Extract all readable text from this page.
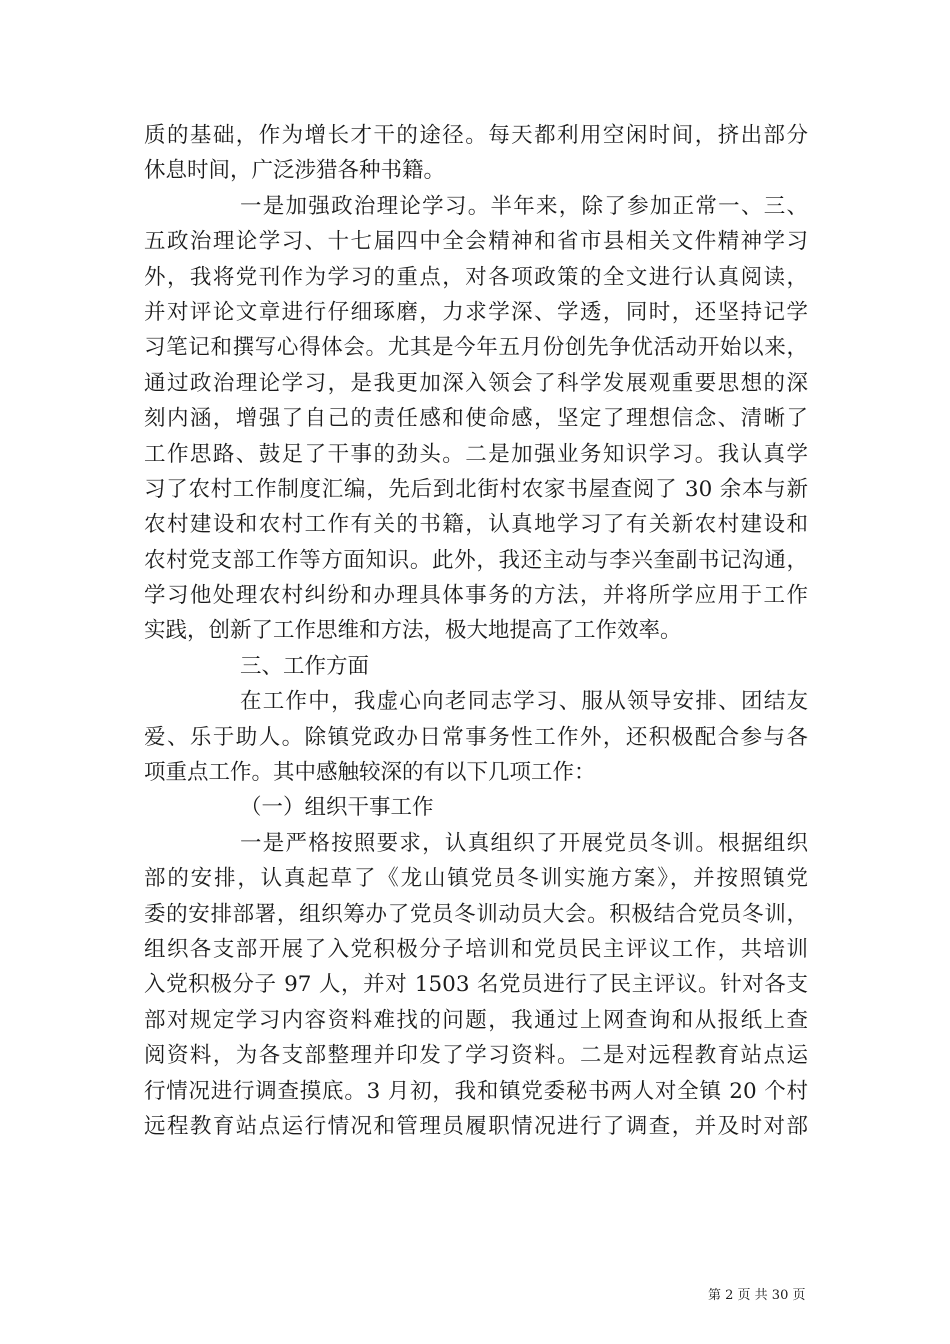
质的基础，作为增长才干的途径。每天都利用空闲时间，挤出部分
休息时间，广泛涉猎各种书籍。
一是加强政治理论学习。半年来，除了参加正常一、三、
五政治理论学习、十七届四中全会精神和省市县相关文件精神学习
外，我将党刊作为学习的重点，对各项政策的全文进行认真阅读，
并对评论文章进行仔细琢磨，力求学深、学透，同时，还坚持记学
习笔记和撰写心得体会。尤其是今年五月份创先争优活动开始以来，
通过政治理论学习，是我更加深入领会了科学发展观重要思想的深
刻内涵，增强了自己的责任感和使命感，坚定了理想信念、清晰了
工作思路、鼓足了干事的劲头。二是加强业务知识学习。我认真学
习了农村工作制度汇编，先后到北街村农家书屋查阅了 30 余本与新
农村建设和农村工作有关的书籍，认真地学习了有关新农村建设和
农村党支部工作等方面知识。此外，我还主动与李兴奎副书记沟通，
学习他处理农村纠纷和办理具体事务的方法，并将所学应用于工作
实践，创新了工作思维和方法，极大地提高了工作效率。
三、工作方面
在工作中，我虚心向老同志学习、服从领导安排、团结友
爱、乐于助人。除镇党政办日常事务性工作外，还积极配合参与各
项重点工作。其中感触较深的有以下几项工作：
（一）组织干事工作
一是严格按照要求，认真组织了开展党员冬训。根据组织
部的安排，认真起草了《龙山镇党员冬训实施方案》，并按照镇党
委的安排部署，组织筹办了党员冬训动员大会。积极结合党员冬训，
组织各支部开展了入党积极分子培训和党员民主评议工作，共培训
入党积极分子 97 人，并对 1503 名党员进行了民主评议。针对各支
部对规定学习内容资料难找的问题，我通过上网查询和从报纸上查
阅资料，为各支部整理并印发了学习资料。二是对远程教育站点运
行情况进行调查摸底。3 月初，我和镇党委秘书两人对全镇 20 个村
远程教育站点运行情况和管理员履职情况进行了调查，并及时对部
第 2 页 共 30 页
